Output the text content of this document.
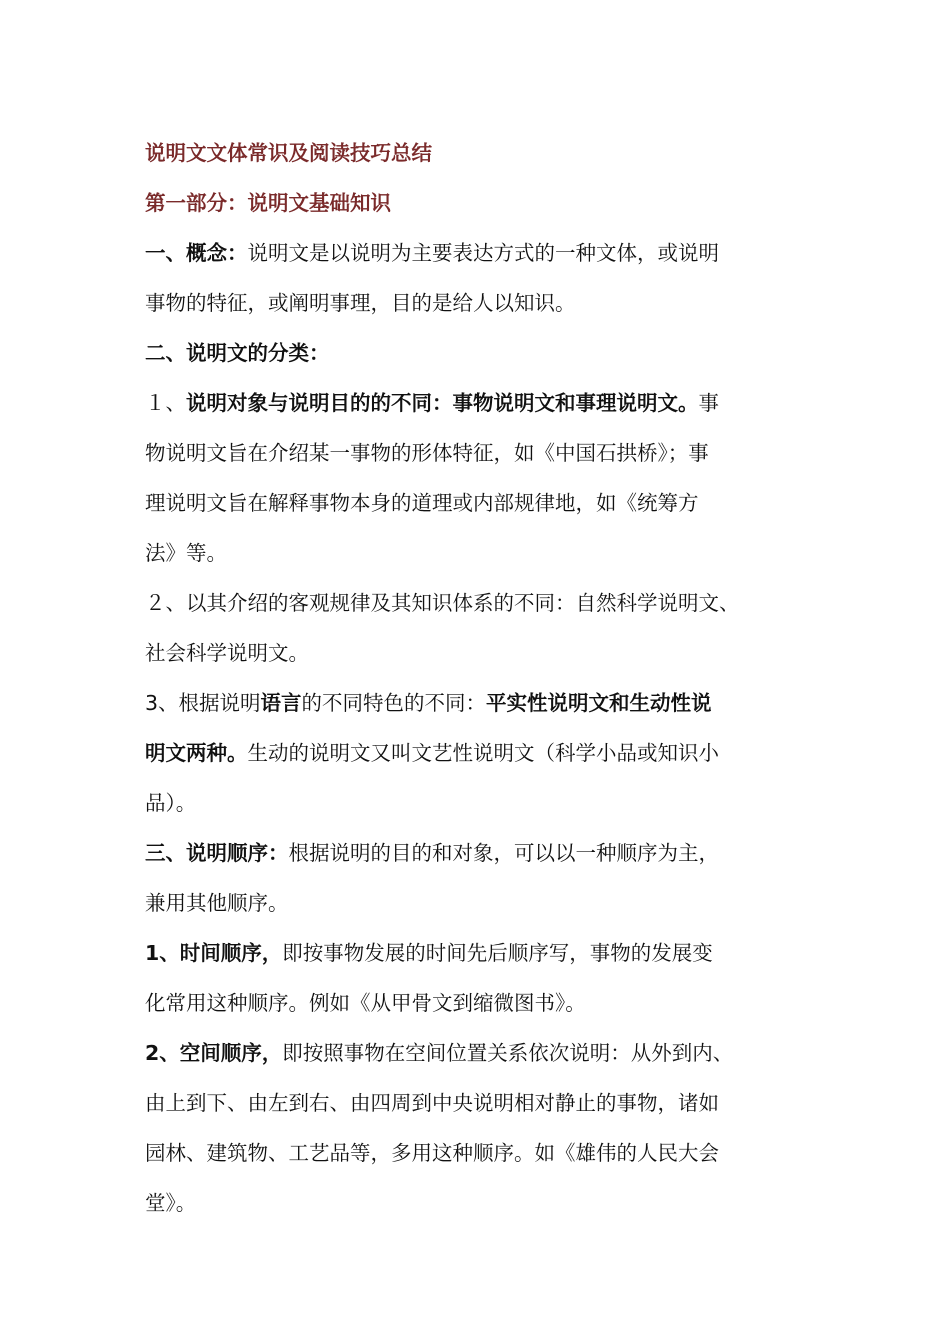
说明文文体常识及阅读技巧总结
第一部分：说明文基础知识
一、概念：说明文是以说明为主要表达方式的一种文体，或说明
事物的特征，或阐明事理，目的是给人以知识。
二、说明文的分类：
１、说明对象与说明目的的不同：事物说明文和事理说明文。事
物说明文旨在介绍某一事物的形体特征，如《中国石拱桥》；事
理说明文旨在解释事物本身的道理或内部规律地，如《统筹方
法》等。
２、以其介绍的客观规律及其知识体系的不同：自然科学说明文、
社会科学说明文。
3、根据说明语言的不同特色的不同：平实性说明文和生动性说
明文两种。生动的说明文又叫文艺性说明文（科学小品或知识小
品）。
三、说明顺序：根据说明的目的和对象，可以以一种顺序为主，
兼用其他顺序。
1、时间顺序，即按事物发展的时间先后顺序写，事物的发展变
化常用这种顺序。例如《从甲骨文到缩微图书》。
2、空间顺序，即按照事物在空间位置关系依次说明：从外到内、
由上到下、由左到右、由四周到中央说明相对静止的事物，诸如
园林、建筑物、工艺品等，多用这种顺序。如《雄伟的人民大会
堂》。
